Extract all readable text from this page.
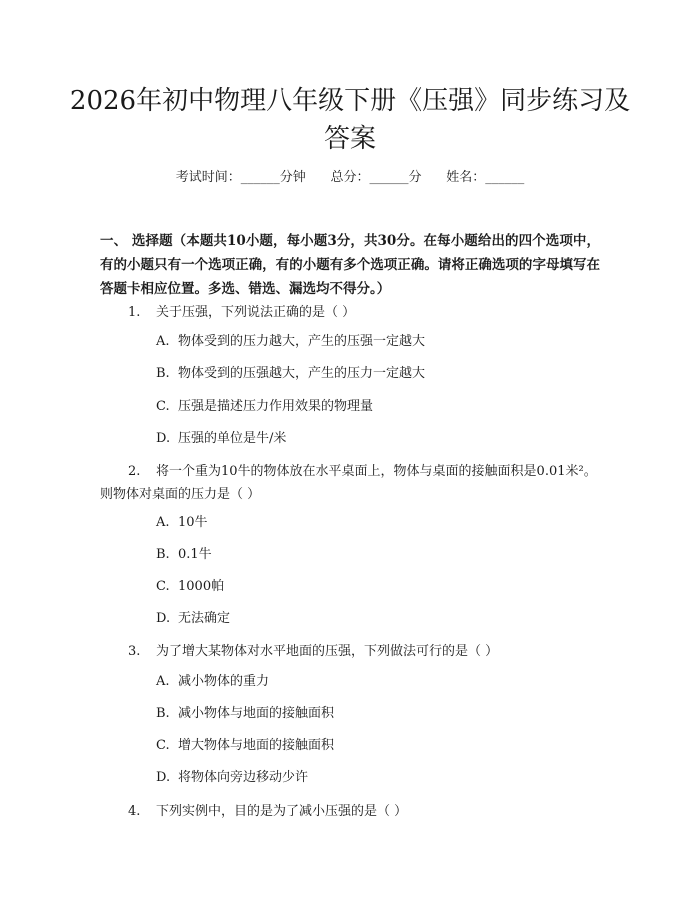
2026年初中物理八年级下册《压强》同步练习及答案
考试时间：______分钟      总分：______分      姓名：______
一、 选择题（本题共10小题，每小题3分，共30分。在每小题给出的四个选项中，有的小题只有一个选项正确，有的小题有多个选项正确。请将正确选项的字母填写在答题卡相应位置。多选、错选、漏选均不得分。）
1. 关于压强，下列说法正确的是（ ）
A. 物体受到的压力越大，产生的压强一定越大
B. 物体受到的压强越大，产生的压力一定越大
C. 压强是描述压力作用效果的物理量
D. 压强的单位是牛/米
2. 将一个重为10牛的物体放在水平桌面上，物体与桌面的接触面积是0.01米²。则物体对桌面的压力是（ ）
A. 10牛
B. 0.1牛
C. 1000帕
D. 无法确定
3. 为了增大某物体对水平地面的压强，下列做法可行的是（ ）
A. 减小物体的重力
B. 减小物体与地面的接触面积
C. 增大物体与地面的接触面积
D. 将物体向旁边移动少许
4. 下列实例中，目的是为了减小压强的是（ ）
